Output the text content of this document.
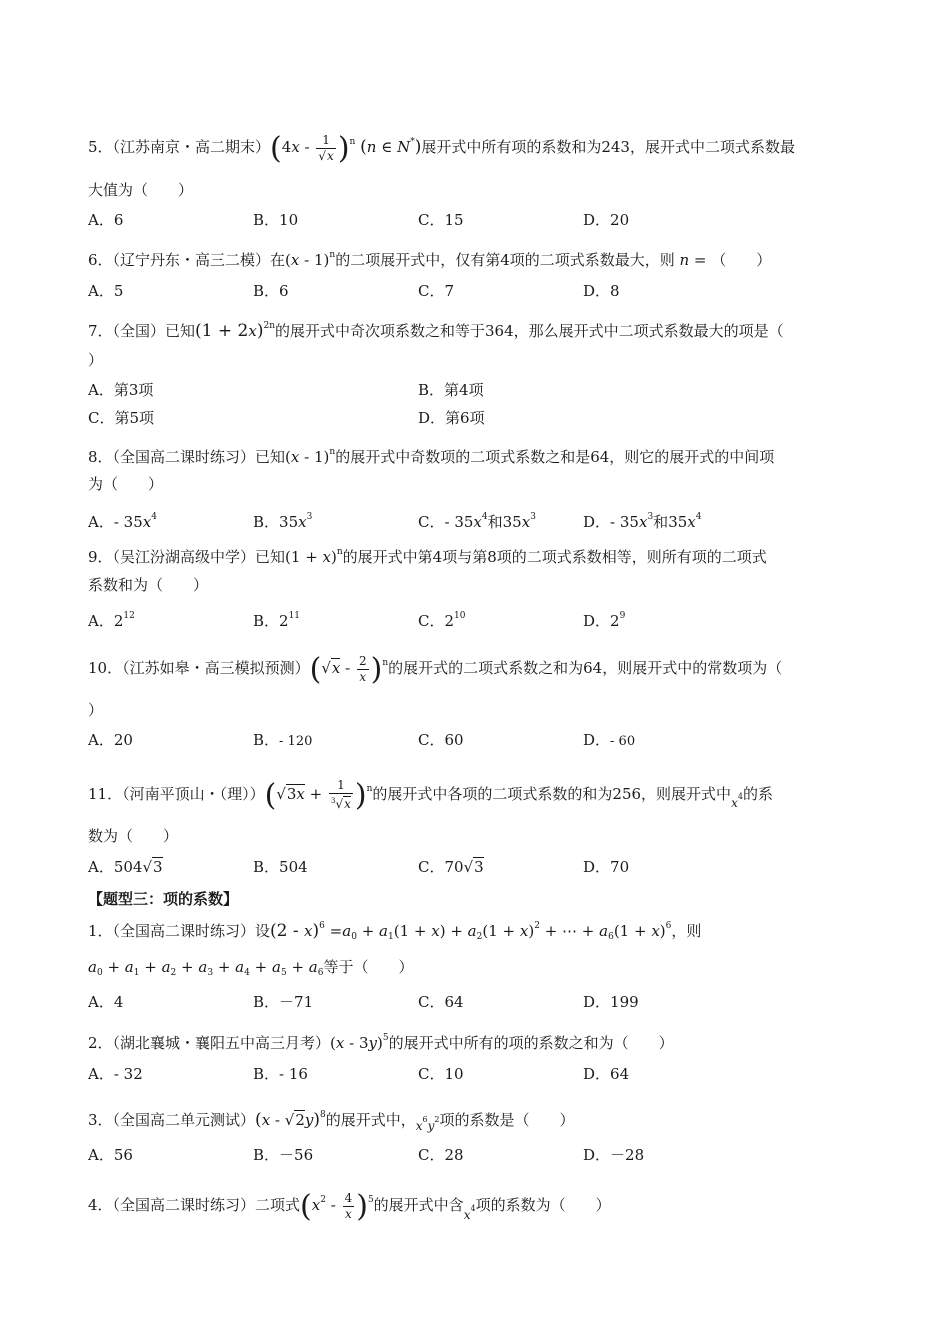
5．（江苏南京・高二期末）$(4x - \frac{1}{√x} )^n$ (n ∈ N*)展开式中所有项的系数和为243，展开式中二项式系数最
大值为（　　）
A．6	B．10	C．15	D．20
6．（辽宁丹东・高三二模）在(x - 1)$^n$的二项展开式中，仅有第4项的二项式系数最大，则 n = （　　）
A．5	B．6	C．7	D．8
7．（全国）已知$(1 + 2x)^{2n}$的展开式中奇次项系数之和等于364，那么展开式中二项式系数最大的项是（
）
A．第3项	B．第4项
C．第5项	D．第6项
8．（全国高二课时练习）已知(x - 1)$^n$的展开式中奇数项的二项式系数之和是64，则它的展开式的中间项
为（　　）
A．- $35x^4$	B．$35x^3$	C．- $35x^4$和$35x^3$	D．- $35x^3$和$35x^4$
9．（吴江汾湖高级中学）已知$(1 + x)^n$的展开式中第4项与第8项的二项式系数相等，则所有项的二项式
系数和为（　　）
A．$2^{12}$	B．$2^{11}$	C．$2^{10}$	D．$2^9$
10．（江苏如皋・高三模拟预测）$(√x - \frac{2}{x} )^n$的展开式的二项式系数之和为64，则展开式中的常数项为（
）
A．20	B．- 120	C．60	D．- 60
11．（河南平顶山・（理））$(√3x + \frac{1}{^3√x} )^n$的展开式中各项的二项式系数的和为256，则展开式中$_{x^4}$的系
数为（　　）
A．504√3	B．504	C．70√3	D．70
【题型三：项的系数】
1．（全国高二课时练习）设$(2 - x)^6 =a_0 + a_1(1 + x) + a_2(1 + x)^2$ + ⋯ + $a_6(1 + x)^6$，则
$a_0 + a_1 + a_2 + a_3 + a_4 + a_5 + a_6$等于（　　）
A．4	B．－71	C．64	D．199
2．（湖北襄城・襄阳五中高三月考）(x - 3y)$^5$的展开式中所有的项的系数之和为（　　）
A．- 32	B．- 16	C．10	D．64
3．（全国高二单元测试）(x - √2y)$^8$的展开式中，$_{x^6y^2}$项的系数是（　　）
A．56	B．－56	C．28	D．－28
4．（全国高二课时练习）二项式$(x^2 - \frac{4}{x} )^5$的展开式中含$_{x^4}$项的系数为（　　）
